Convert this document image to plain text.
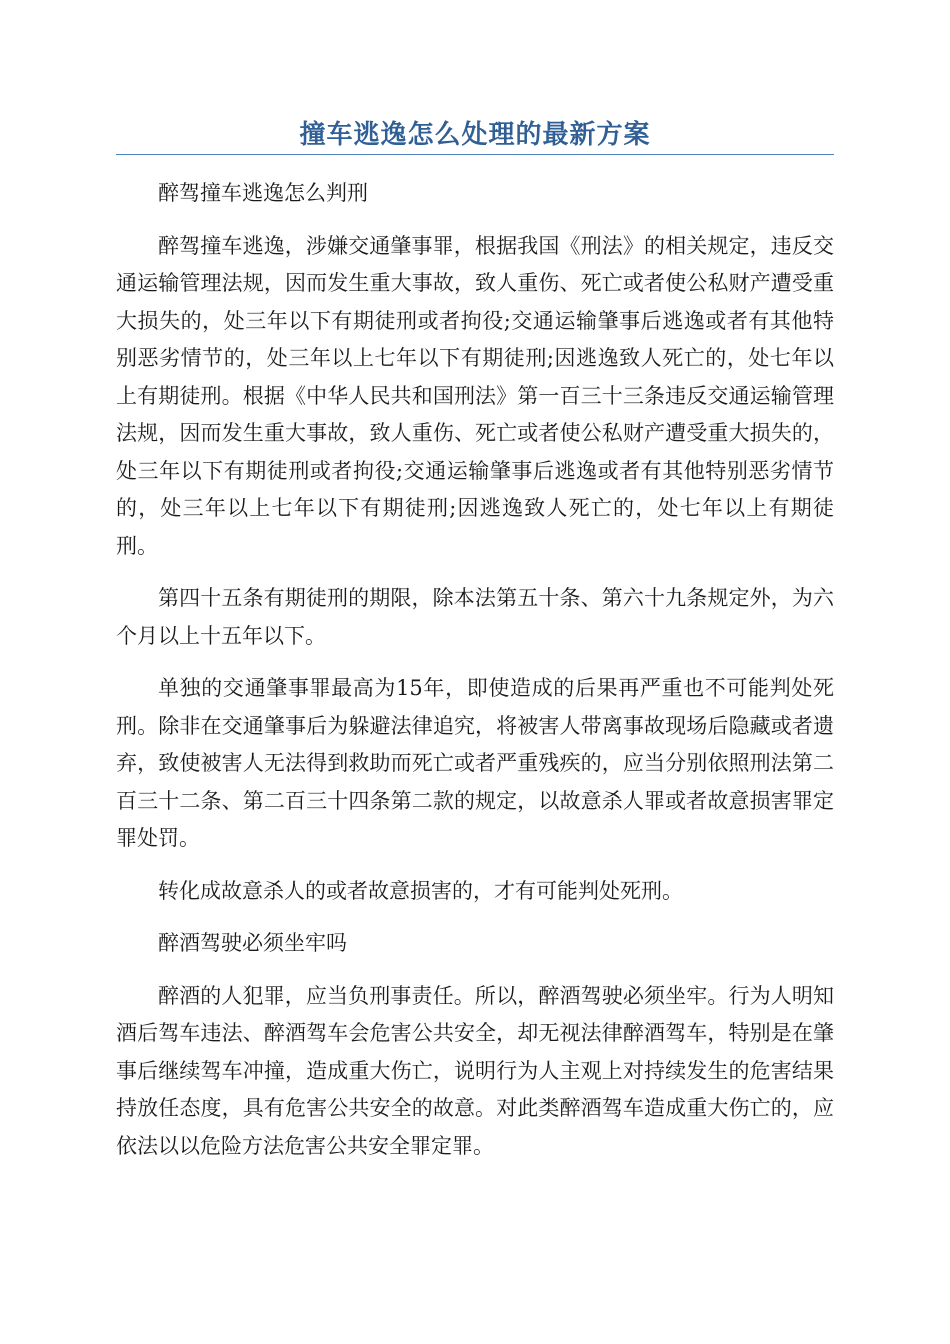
撞车逃逸怎么处理的最新方案

醉驾撞车逃逸怎么判刑

醉驾撞车逃逸，涉嫌交通肇事罪，根据我国《刑法》的相关规定，违反交通运输管理法规，因而发生重大事故，致人重伤、死亡或者使公私财产遭受重大损失的，处三年以下有期徒刑或者拘役;交通运输肇事后逃逸或者有其他特别恶劣情节的，处三年以上七年以下有期徒刑;因逃逸致人死亡的，处七年以上有期徒刑。根据《中华人民共和国刑法》第一百三十三条违反交通运输管理法规，因而发生重大事故，致人重伤、死亡或者使公私财产遭受重大损失的，处三年以下有期徒刑或者拘役;交通运输肇事后逃逸或者有其他特别恶劣情节的，处三年以上七年以下有期徒刑;因逃逸致人死亡的，处七年以上有期徒刑。

第四十五条有期徒刑的期限，除本法第五十条、第六十九条规定外，为六个月以上十五年以下。

单独的交通肇事罪最高为15年，即使造成的后果再严重也不可能判处死刑。除非在交通肇事后为躲避法律追究，将被害人带离事故现场后隐藏或者遗弃，致使被害人无法得到救助而死亡或者严重残疾的，应当分别依照刑法第二百三十二条、第二百三十四条第二款的规定，以故意杀人罪或者故意损害罪定罪处罚。

转化成故意杀人的或者故意损害的，才有可能判处死刑。

醉酒驾驶必须坐牢吗

醉酒的人犯罪，应当负刑事责任。所以，醉酒驾驶必须坐牢。行为人明知酒后驾车违法、醉酒驾车会危害公共安全，却无视法律醉酒驾车，特别是在肇事后继续驾车冲撞，造成重大伤亡，说明行为人主观上对持续发生的危害结果持放任态度，具有危害公共安全的故意。对此类醉酒驾车造成重大伤亡的，应依法以以危险方法危害公共安全罪定罪。
